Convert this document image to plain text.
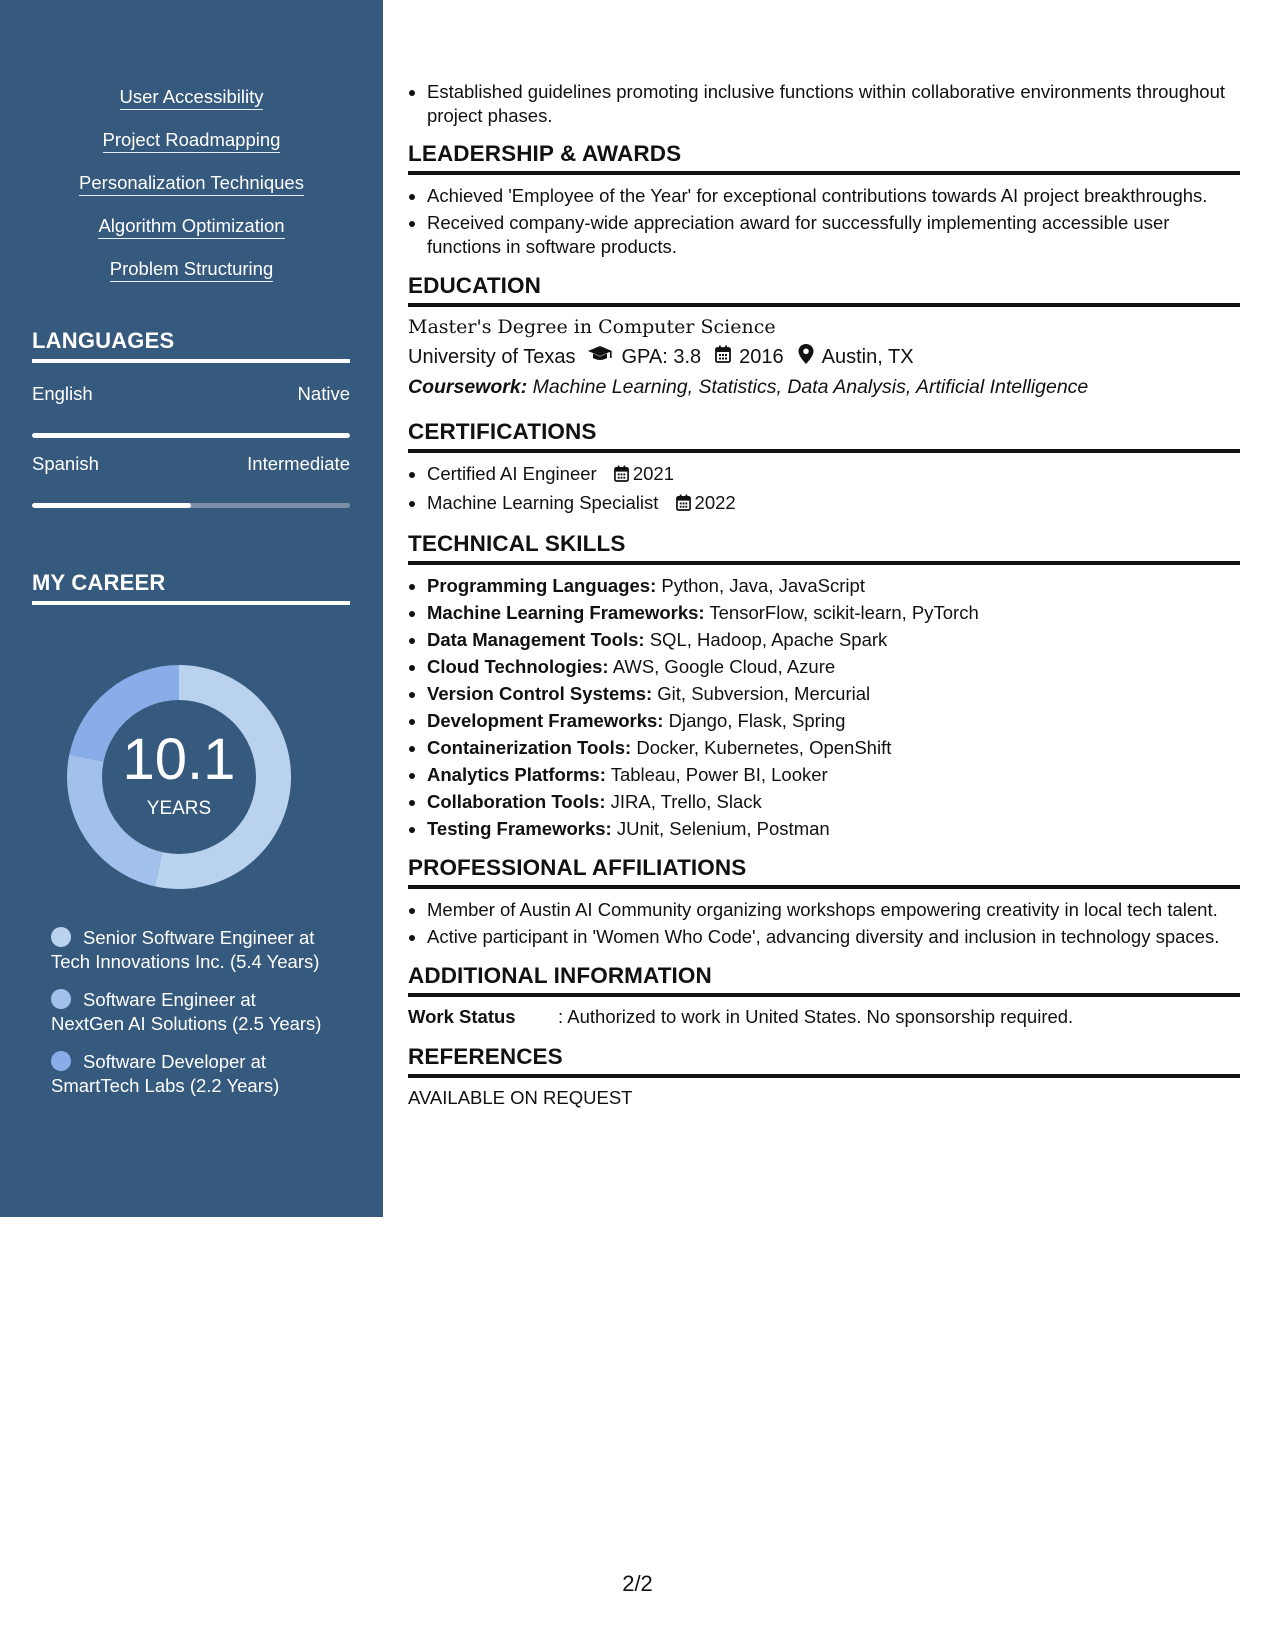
User Accessibility
Project Roadmapping
Personalization Techniques
Algorithm Optimization
Problem Structuring
LANGUAGES
English	Native
Spanish	Intermediate
MY CAREER
10.1
YEARS
Senior Software Engineer at
Tech Innovations Inc. (5.4 Years)
Software Engineer at
NextGen AI Solutions (2.5 Years)
Software Developer at
SmartTech Labs (2.2 Years)
• Established guidelines promoting inclusive functions within collaborative environments throughout project phases.
LEADERSHIP & AWARDS
• Achieved 'Employee of the Year' for exceptional contributions towards AI project breakthroughs.
• Received company-wide appreciation award for successfully implementing accessible user functions in software products.
EDUCATION
Master's Degree in Computer Science
University of Texas GPA: 3.8 2016 Austin, TX
Coursework: Machine Learning, Statistics, Data Analysis, Artificial Intelligence
CERTIFICATIONS
• Certified AI Engineer 2021
• Machine Learning Specialist 2022
TECHNICAL SKILLS
• Programming Languages: Python, Java, JavaScript
• Machine Learning Frameworks: TensorFlow, scikit-learn, PyTorch
• Data Management Tools: SQL, Hadoop, Apache Spark
• Cloud Technologies: AWS, Google Cloud, Azure
• Version Control Systems: Git, Subversion, Mercurial
• Development Frameworks: Django, Flask, Spring
• Containerization Tools: Docker, Kubernetes, OpenShift
• Analytics Platforms: Tableau, Power BI, Looker
• Collaboration Tools: JIRA, Trello, Slack
• Testing Frameworks: JUnit, Selenium, Postman
PROFESSIONAL AFFILIATIONS
• Member of Austin AI Community organizing workshops empowering creativity in local tech talent.
• Active participant in 'Women Who Code', advancing diversity and inclusion in technology spaces.
ADDITIONAL INFORMATION
Work Status	: Authorized to work in United States. No sponsorship required.
REFERENCES
AVAILABLE ON REQUEST
2/2
